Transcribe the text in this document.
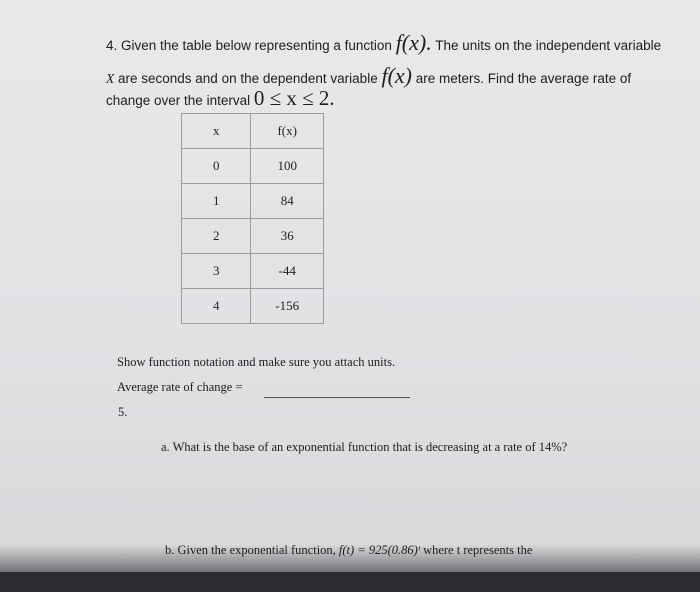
4. Given the table below representing a function f(x). The units on the independent variable
X are seconds and on the dependent variable f(x) are meters. Find the average rate of
change over the interval 0 ≤ x ≤ 2.
x	f(x)
0	100
1	84
2	36
3	-44
4	-156
Show function notation and make sure you attach units.
Average rate of change =
5.
a. What is the base of an exponential function that is decreasing at a rate of 14%?
b. Given the exponential function, f(t) = 925(0.86)ᵗ where t represents the
